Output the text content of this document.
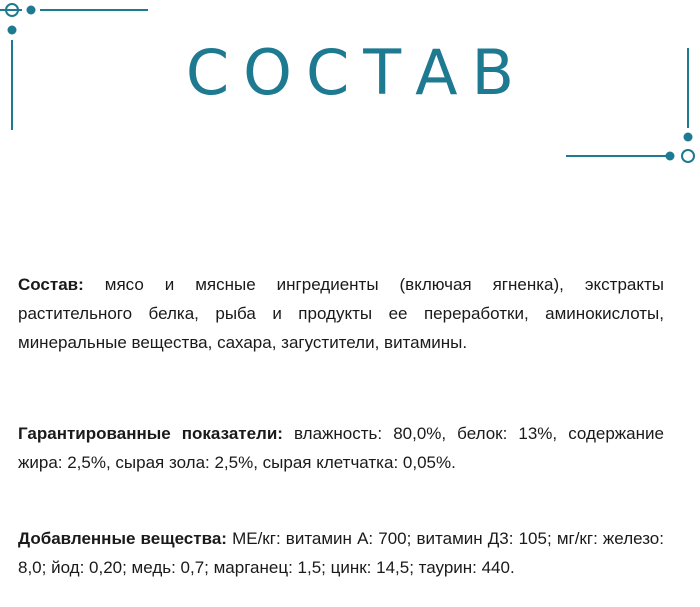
СОСТАВ

Состав: мясо и мясные ингредиенты (включая ягненка), экстракты растительного белка, рыба и продукты ее переработки, аминокислоты, минеральные вещества, сахара, загустители, витамины.

Гарантированные показатели: влажность: 80,0%, белок: 13%, содержание жира: 2,5%, сырая зола: 2,5%, сырая клетчатка: 0,05%.

Добавленные вещества: МЕ/кг: витамин А: 700; витамин Д3: 105; мг/кг: железо: 8,0; йод: 0,20; медь: 0,7; марганец: 1,5; цинк: 14,5; таурин: 440.
